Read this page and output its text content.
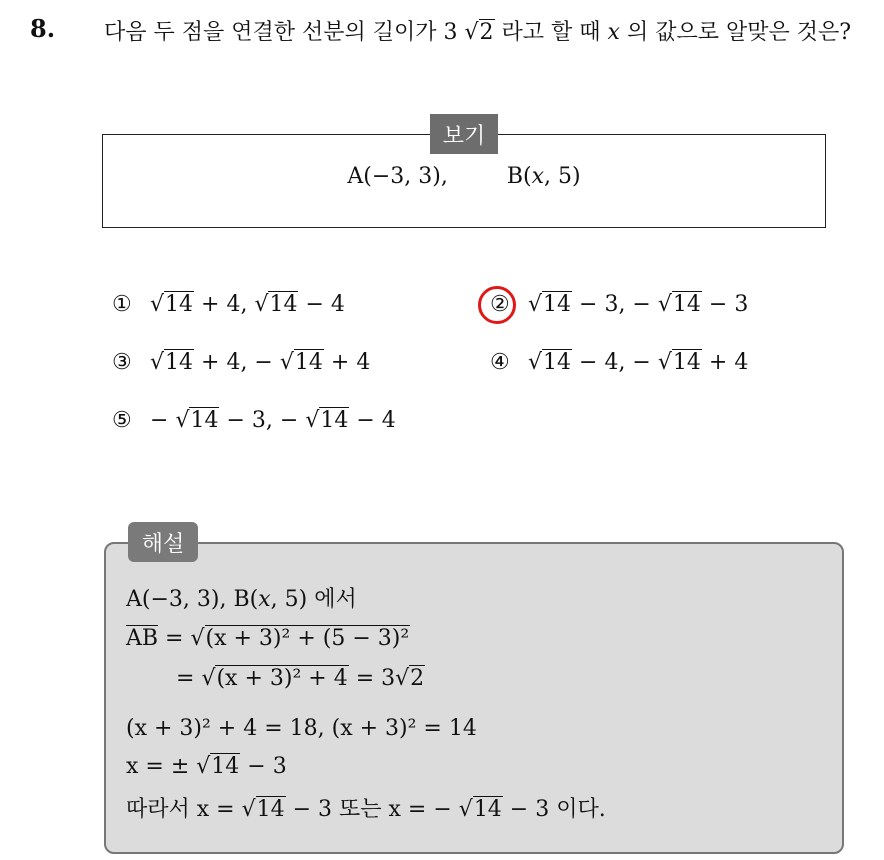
8. 다음 두 점을 연결한 선분의 길이가 3 √2 라고 할 때 x 의 값으로 알맞은 것은?
보기
A(−3, 3),	B(x, 5)
① √14 + 4, √14 − 4	② √14 − 3, − √14 − 3
③ √14 + 4, − √14 + 4	④ √14 − 4, − √14 + 4
⑤ − √14 − 3, − √14 − 4
해설
A(−3, 3), B(x, 5) 에서
AB = √(x + 3)² + (5 − 3)²
= √(x + 3)² + 4 = 3√2
(x + 3)² + 4 = 18, (x + 3)² = 14
x = ± √14 − 3
따라서 x = √14 − 3 또는 x = − √14 − 3 이다.
